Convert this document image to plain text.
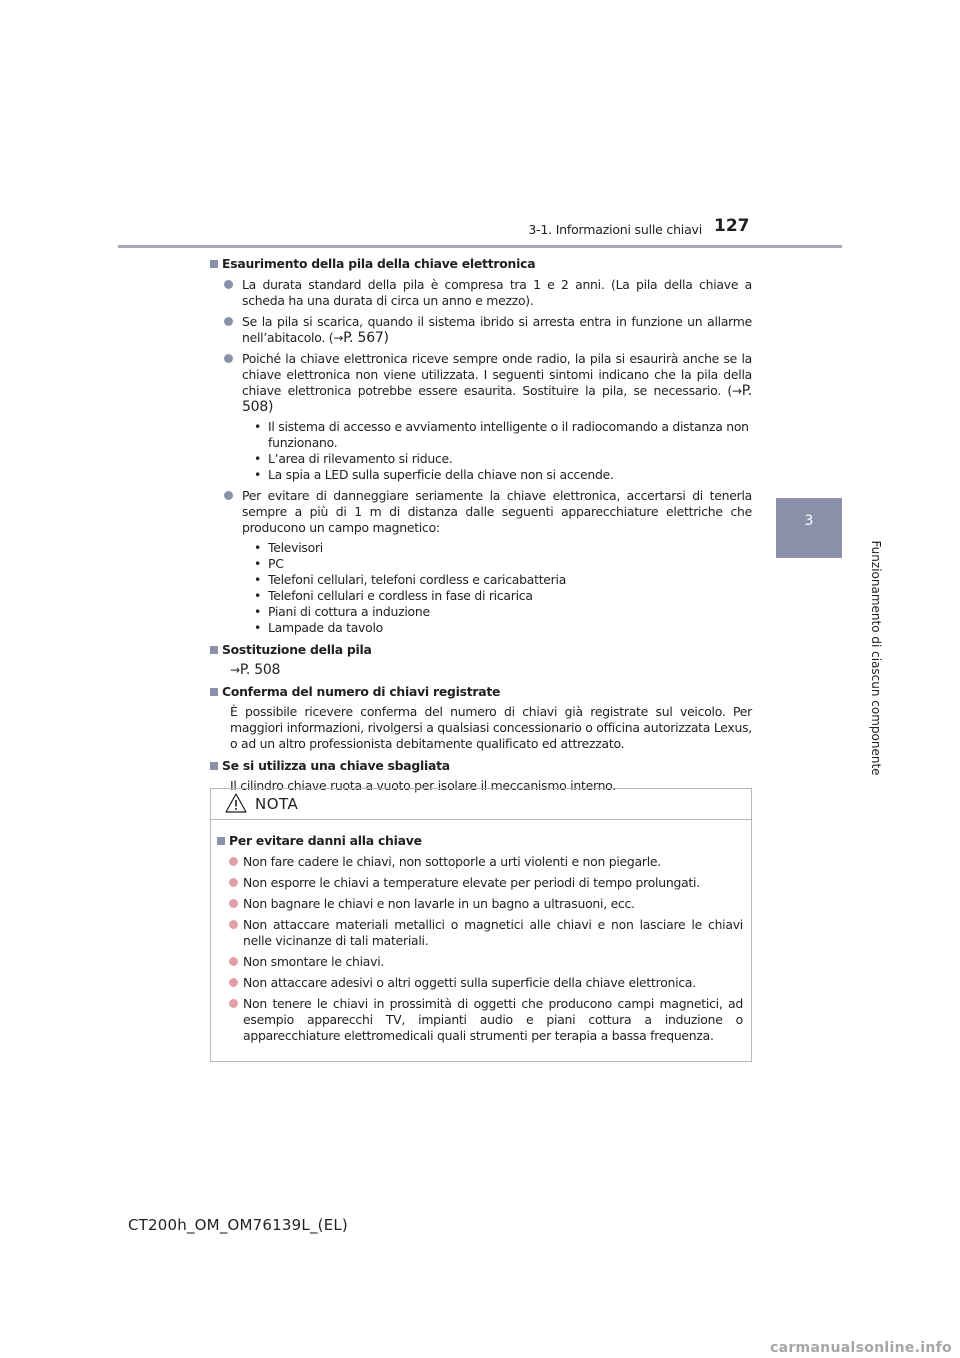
3-1. Informazioni sulle chiavi 127
3
Funzionamento di ciascun componente
Esaurimento della pila della chiave elettronica
La durata standard della pila è compresa tra 1 e 2 anni. (La pila della chiave a scheda ha una durata di circa un anno e mezzo).
Se la pila si scarica, quando il sistema ibrido si arresta entra in funzione un allarme nell’abitacolo. (→P. 567)
Poiché la chiave elettronica riceve sempre onde radio, la pila si esaurirà anche se la chiave elettronica non viene utilizzata. I seguenti sintomi indicano che la pila della chiave elettronica potrebbe essere esaurita. Sostituire la pila, se necessario. (→P. 508)
• Il sistema di accesso e avviamento intelligente o il radiocomando a distanza non funzionano.
• L’area di rilevamento si riduce.
• La spia a LED sulla superficie della chiave non si accende.
Per evitare di danneggiare seriamente la chiave elettronica, accertarsi di tenerla sempre a più di 1 m di distanza dalle seguenti apparecchiature elettriche che producono un campo magnetico:
• Televisori
• PC
• Telefoni cellulari, telefoni cordless e caricabatteria
• Telefoni cellulari e cordless in fase di ricarica
• Piani di cottura a induzione
• Lampade da tavolo
Sostituzione della pila
→P. 508
Conferma del numero di chiavi registrate
È possibile ricevere conferma del numero di chiavi già registrate sul veicolo. Per maggiori informazioni, rivolgersi a qualsiasi concessionario o officina autorizzata Lexus, o ad un altro professionista debitamente qualificato ed attrezzato.
Se si utilizza una chiave sbagliata
Il cilindro chiave ruota a vuoto per isolare il meccanismo interno.
NOTA
Per evitare danni alla chiave
Non fare cadere le chiavi, non sottoporle a urti violenti e non piegarle.
Non esporre le chiavi a temperature elevate per periodi di tempo prolungati.
Non bagnare le chiavi e non lavarle in un bagno a ultrasuoni, ecc.
Non attaccare materiali metallici o magnetici alle chiavi e non lasciare le chiavi nelle vicinanze di tali materiali.
Non smontare le chiavi.
Non attaccare adesivi o altri oggetti sulla superficie della chiave elettronica.
Non tenere le chiavi in prossimità di oggetti che producono campi magnetici, ad esempio apparecchi TV, impianti audio e piani cottura a induzione o apparecchiature elettromedicali quali strumenti per terapia a bassa frequenza.
CT200h_OM_OM76139L_(EL)
carmanualsonline.info
